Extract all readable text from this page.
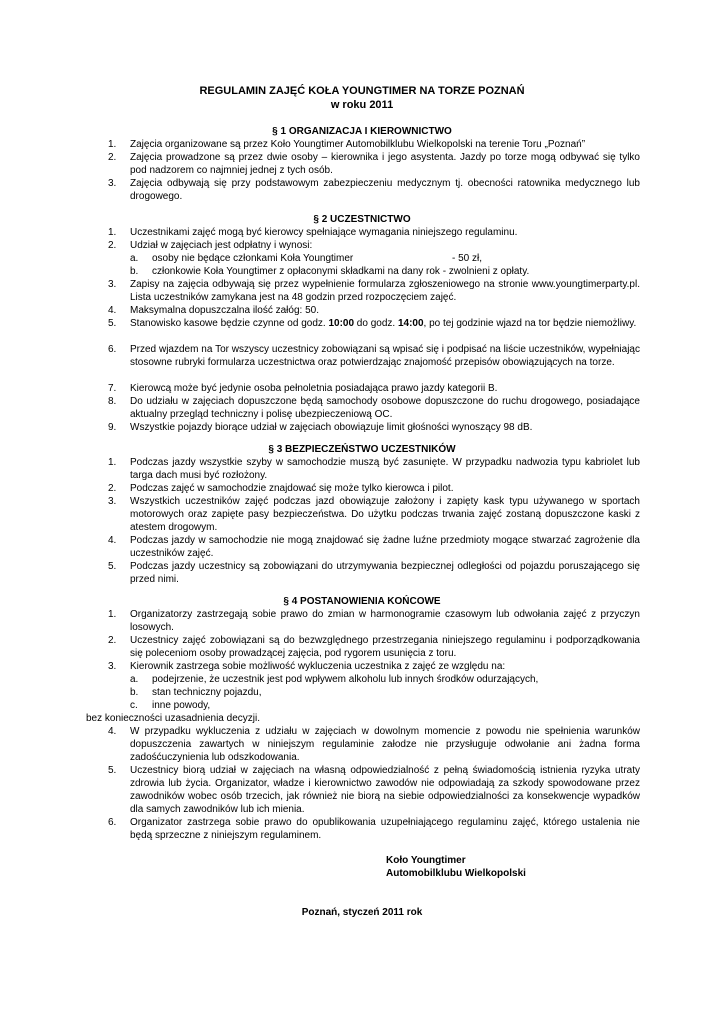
REGULAMIN ZAJĘĆ KOŁA YOUNGTIMER NA TORZE POZNAŃ
w roku 2011
§ 1 ORGANIZACJA I KIEROWNICTWO
1. Zajęcia organizowane są przez Koło Youngtimer Automobilklubu Wielkopolski na terenie Toru „Poznań”
2. Zajęcia prowadzone są przez dwie osoby – kierownika i jego asystenta. Jazdy po torze mogą odbywać się tylko pod nadzorem co najmniej jednej z tych osób.
3. Zajęcia odbywają się przy podstawowym zabezpieczeniu medycznym tj. obecności ratownika medycznego lub drogowego.
§ 2 UCZESTNICTWO
1. Uczestnikami zajęć mogą być kierowcy spełniające wymagania niniejszego regulaminu.
2. Udział w zajęciach jest odpłatny i wynosi:
a. osoby nie będące członkami Koła Youngtimer	- 50 zł,
b. członkowie Koła Youngtimer z opłaconymi składkami na dany rok - zwolnieni z opłaty.
3. Zapisy na zajęcia odbywają się przez wypełnienie formularza zgłoszeniowego na stronie www.youngtimerparty.pl. Lista uczestników zamykana jest na 48 godzin przed rozpoczęciem zajęć.
4. Maksymalna dopuszczalna ilość załóg: 50.
5. Stanowisko kasowe będzie czynne od godz. 10:00 do godz. 14:00, po tej godzinie wjazd na tor będzie niemożliwy.
6. Przed wjazdem na Tor wszyscy uczestnicy zobowiązani są wpisać się i podpisać na liście uczestników, wypełniając stosowne rubryki formularza uczestnictwa oraz potwierdzając znajomość przepisów obowiązujących na torze.
7. Kierowcą może być jedynie osoba pełnoletnia posiadająca prawo jazdy kategorii B.
8. Do udziału w zajęciach dopuszczone będą samochody osobowe dopuszczone do ruchu drogowego, posiadające aktualny przegląd techniczny i polisę ubezpieczeniową OC.
9. Wszystkie pojazdy biorące udział w zajęciach obowiązuje limit głośności wynoszący 98 dB.
§ 3 BEZPIECZEŃSTWO UCZESTNIKÓW
1. Podczas jazdy wszystkie szyby w samochodzie muszą być zasunięte. W przypadku nadwozia typu kabriolet lub targa dach musi być rozłożony.
2. Podczas zajęć w samochodzie znajdować się może tylko kierowca i pilot.
3. Wszystkich uczestników zajęć podczas jazd obowiązuje założony i zapięty kask typu używanego w sportach motorowych oraz zapięte pasy bezpieczeństwa. Do użytku podczas trwania zajęć zostaną dopuszczone kaski z atestem drogowym.
4. Podczas jazdy w samochodzie nie mogą znajdować się żadne luźne przedmioty mogące stwarzać zagrożenie dla uczestników zajęć.
5. Podczas jazdy uczestnicy są zobowiązani do utrzymywania bezpiecznej odległości od pojazdu poruszającego się przed nimi.
§ 4 POSTANOWIENIA KOŃCOWE
1. Organizatorzy zastrzegają sobie prawo do zmian w harmonogramie czasowym lub odwołania zajęć z przyczyn losowych.
2. Uczestnicy zajęć zobowiązani są do bezwzględnego przestrzegania niniejszego regulaminu i podporządkowania się poleceniom osoby prowadzącej zajęcia, pod rygorem usunięcia z toru.
3. Kierownik zastrzega sobie możliwość wykluczenia uczestnika z zajęć ze względu na:
a. podejrzenie, że uczestnik jest pod wpływem alkoholu lub innych środków odurzających,
b. stan techniczny pojazdu,
c. inne powody,
bez konieczności uzasadnienia decyzji.
4. W przypadku wykluczenia z udziału w zajęciach w dowolnym momencie z powodu nie spełnienia warunków dopuszczenia zawartych w niniejszym regulaminie załodze nie przysługuje odwołanie ani żadna forma zadośćuczynienia lub odszkodowania.
5. Uczestnicy biorą udział w zajęciach na własną odpowiedzialność z pełną świadomością istnienia ryzyka utraty zdrowia lub życia. Organizator, władze i kierownictwo zawodów nie odpowiadają za szkody spowodowane przez zawodników wobec osób trzecich, jak również nie biorą na siebie odpowiedzialności za konsekwencje wypadków dla samych zawodników lub ich mienia.
6. Organizator zastrzega sobie prawo do opublikowania uzupełniającego regulaminu zajęć, którego ustalenia nie będą sprzeczne z niniejszym regulaminem.
Koło Youngtimer
Automobilklubu Wielkopolski
Poznań, styczeń 2011 rok
